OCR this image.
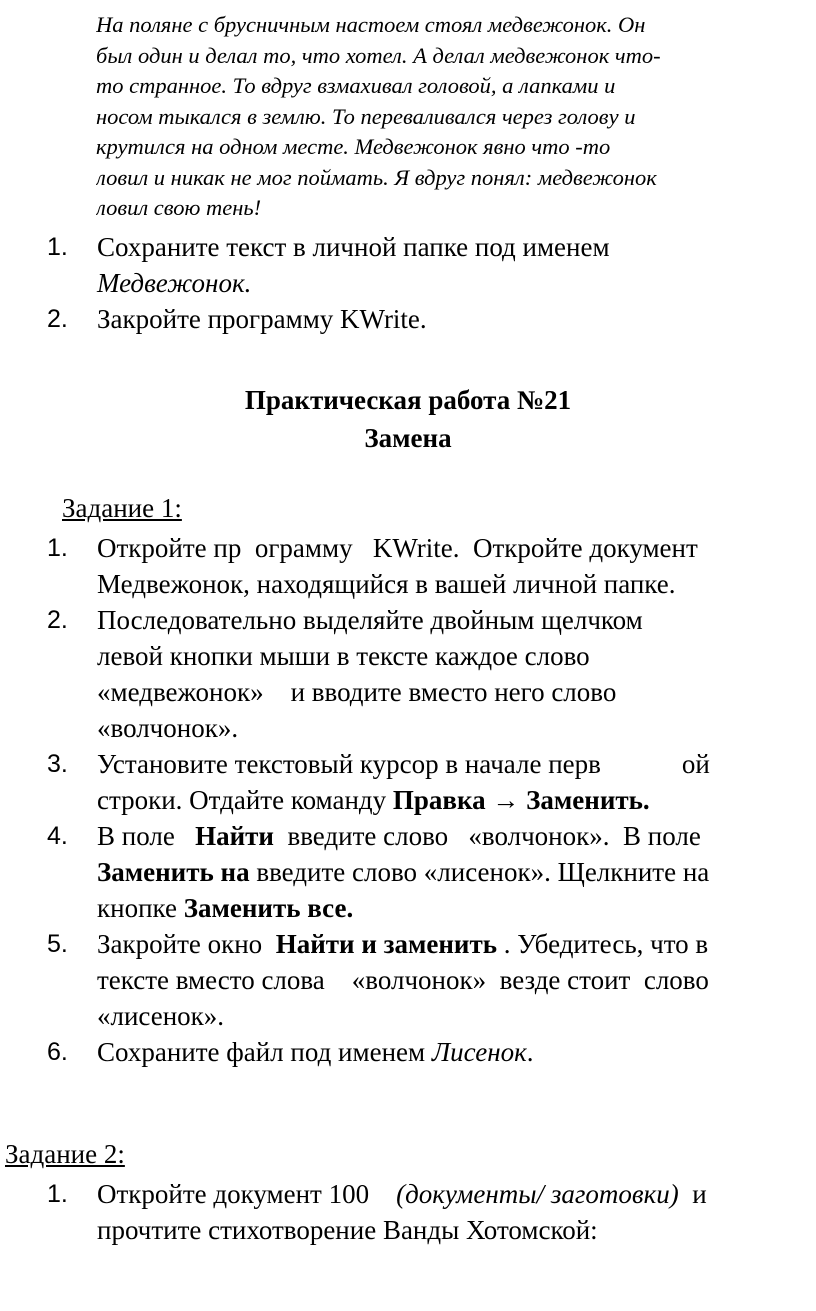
На поляне с брусничным настоем стоял медвежонок. Он
был один и делал то, что хотел. А делал медвежонок что-
то странное. То вдруг взмахивал головой, а лапками и
носом тыкался в землю. То переваливался через голову и
крутился на одном месте. Медвежонок явно что -то
ловил и никак не мог поймать. Я вдруг понял: медвежонок
ловил свою тень!
1. Сохраните текст в личной папке под именем
Медвежонок.
2. Закройте программу KWrite.
Практическая работа №21
Замена
Задание 1:
1. Откройте пр  ограмму   KWrite.  Откройте документ
Медвежонок, находящийся в вашей личной папке.
2. Последовательно выделяйте двойным щелчком
левой кнопки мыши в тексте каждое слово
«медвежонок»    и вводите вместо него слово
«волчонок».
3. Установите текстовый курсор в начале перв            ой
строки. Отдайте команду Правка → Заменить.
4. В поле   Найти  введите слово   «волчонок».  В поле
Заменить на введите слово «лисенок». Щелкните на
кнопке Заменить все.
5. Закройте окно  Найти и заменить . Убедитесь, что в
тексте вместо слова    «волчонок»  везде стоит  слово
«лисенок».
6. Сохраните файл под именем Лисенок.
Задание 2:
1. Откройте документ 100    (документы/ заготовки)  и
прочтите стихотворение Ванды Хотомской:
